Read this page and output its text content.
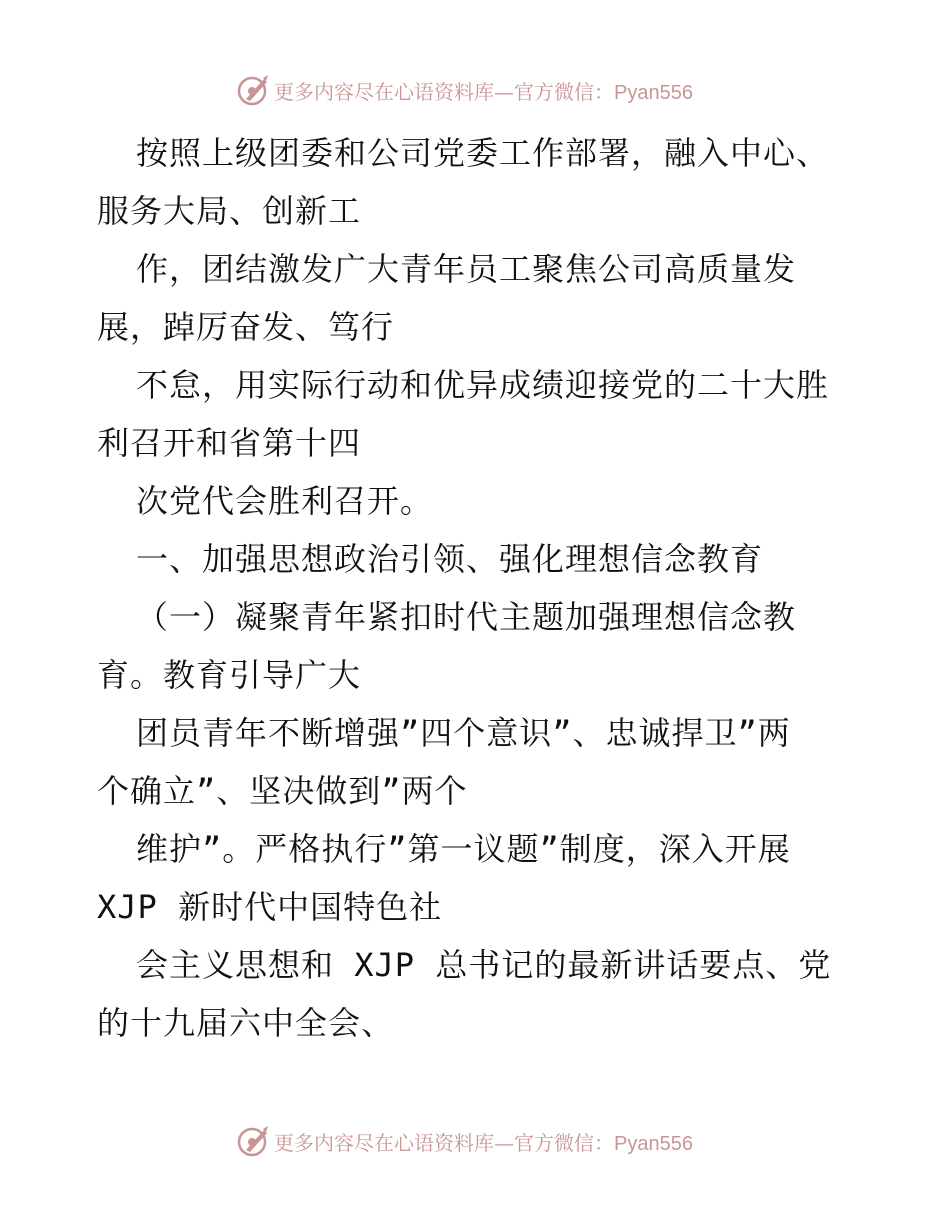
更多内容尽在心语资料库—官方微信：Pyan556
按照上级团委和公司党委工作部署，融入中心、
服务大局、创新工
作，团结激发广大青年员工聚焦公司高质量发
展，踔厉奋发、笃行
不怠，用实际行动和优异成绩迎接党的二十大胜
利召开和省第十四
次党代会胜利召开。
一、加强思想政治引领、强化理想信念教育
（一）凝聚青年紧扣时代主题加强理想信念教
育。教育引导广大
团员青年不断增强”四个意识”、忠诚捍卫”两
个确立”、坚决做到”两个
维护”。严格执行”第一议题”制度，深入开展
XJP 新时代中国特色社
会主义思想和 XJP 总书记的最新讲话要点、党
的十九届六中全会、
更多内容尽在心语资料库—官方微信：Pyan556
